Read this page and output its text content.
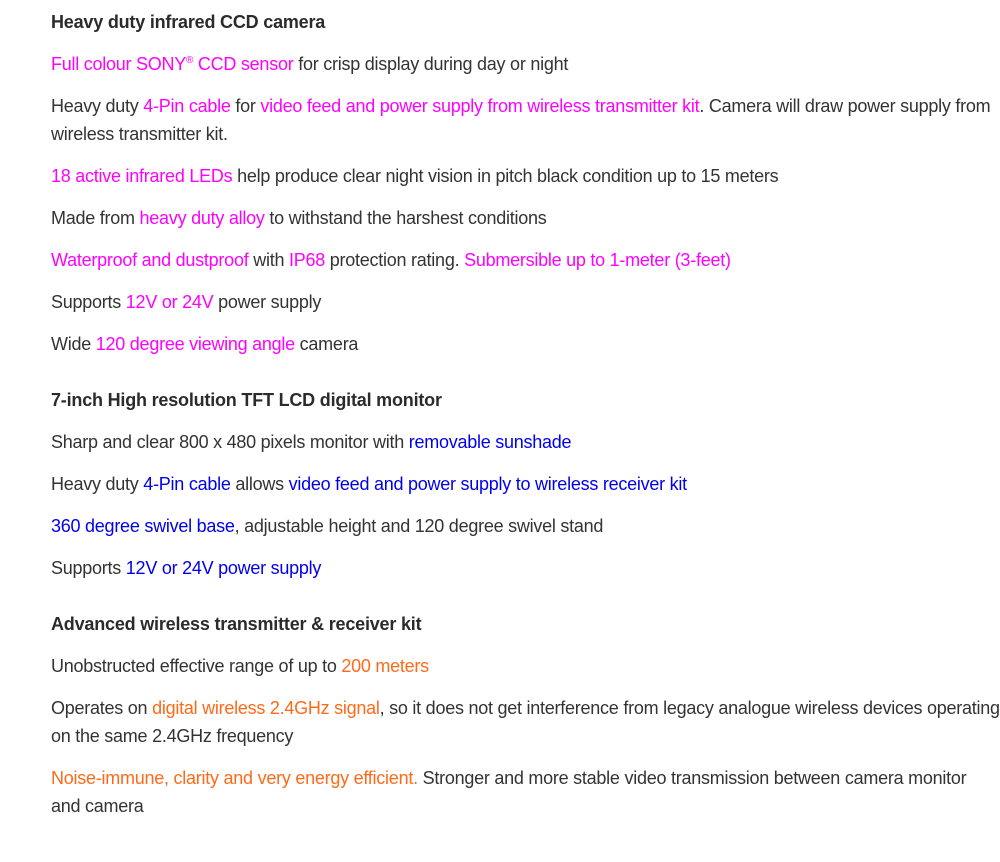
Heavy duty infrared CCD camera

Full colour SONY® CCD sensor for crisp display during day or night

Heavy duty 4-Pin cable for video feed and power supply from wireless transmitter kit. Camera will draw power supply from wireless transmitter kit.

18 active infrared LEDs help produce clear night vision in pitch black condition up to 15 meters

Made from heavy duty alloy to withstand the harshest conditions

Waterproof and dustproof with IP68 protection rating. Submersible up to 1-meter (3-feet)

Supports 12V or 24V power supply

Wide 120 degree viewing angle camera

7-inch High resolution TFT LCD digital monitor

Sharp and clear 800 x 480 pixels monitor with removable sunshade

Heavy duty 4-Pin cable allows video feed and power supply to wireless receiver kit

360 degree swivel base, adjustable height and 120 degree swivel stand

Supports 12V or 24V power supply

Advanced wireless transmitter & receiver kit

Unobstructed effective range of up to 200 meters

Operates on digital wireless 2.4GHz signal, so it does not get interference from legacy analogue wireless devices operating on the same 2.4GHz frequency

Noise-immune, clarity and very energy efficient. Stronger and more stable video transmission between camera monitor and camera
